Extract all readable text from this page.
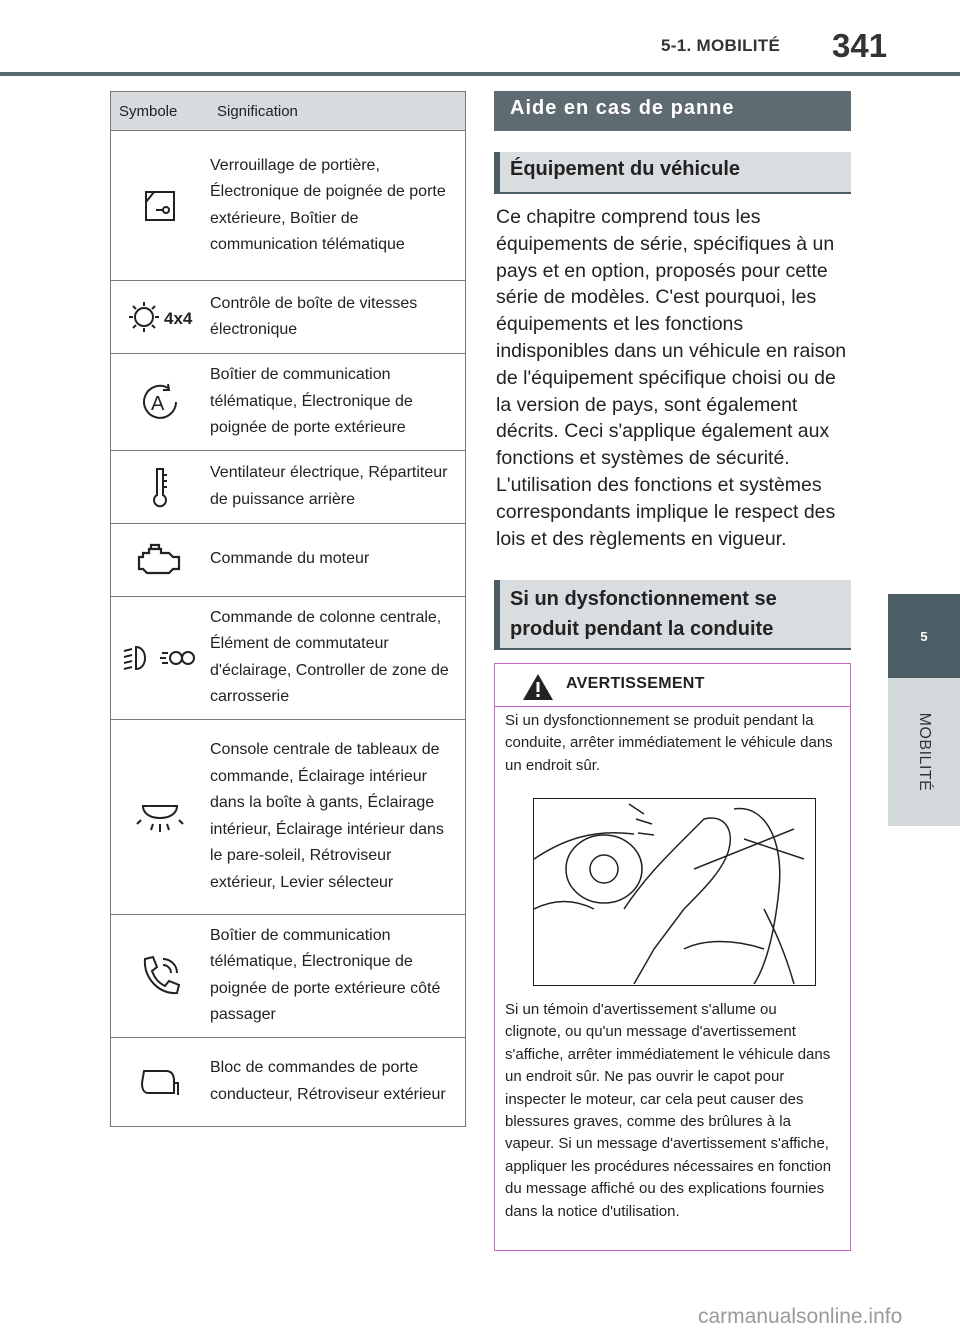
5-1. MOBILITÉ 341
5
MOBILITÉ
Symbole	Signification

	Verrouillage de portière, Électronique de poignée de porte extérieure, Boîtier de communication télématique

4x4	Contrôle de boîte de vitesses électronique

A	Boîtier de communication télématique, Électronique de poignée de porte extérieure

	Ventilateur électrique, Répartiteur de puissance arrière

	Commande du moteur

	Commande de colonne centrale, Élément de commutateur d'éclairage, Controller de zone de carrosserie

	Console centrale de tableaux de commande, Éclairage intérieur dans la boîte à gants, Éclairage intérieur, Éclairage intérieur dans le pare-soleil, Rétroviseur extérieur, Levier sélecteur

	Boîtier de communication télématique, Électronique de poignée de porte extérieure côté passager

	Bloc de commandes de porte conducteur, Rétroviseur extérieur
Aide en cas de panne
Équipement du véhicule
Ce chapitre comprend tous les équipements de série, spécifiques à un pays et en option, proposés pour cette série de modèles. C'est pourquoi, les équipements et les fonctions indisponibles dans un véhicule en raison de l'équipement spécifique choisi ou de la version de pays, sont également décrits. Ceci s'applique également aux fonctions et systèmes de sécurité. L'utilisation des fonctions et systèmes correspondants implique le respect des lois et des règlements en vigueur.
Si un dysfonctionnement se produit pendant la conduite
AVERTISSEMENT
Si un dysfonctionnement se produit pendant la conduite, arrêter immédiatement le véhicule dans un endroit sûr.
Si un témoin d'avertissement s'allume ou clignote, ou qu'un message d'avertissement s'affiche, arrêter immédiatement le véhicule dans un endroit sûr. Ne pas ouvrir le capot pour inspecter le moteur, car cela peut causer des blessures graves, comme des brûlures à la vapeur. Si un message d'avertissement s'affiche, appliquer les procédures nécessaires en fonction du message affiché ou des explications fournies dans la notice d'utilisation.
carmanualsonline.info
